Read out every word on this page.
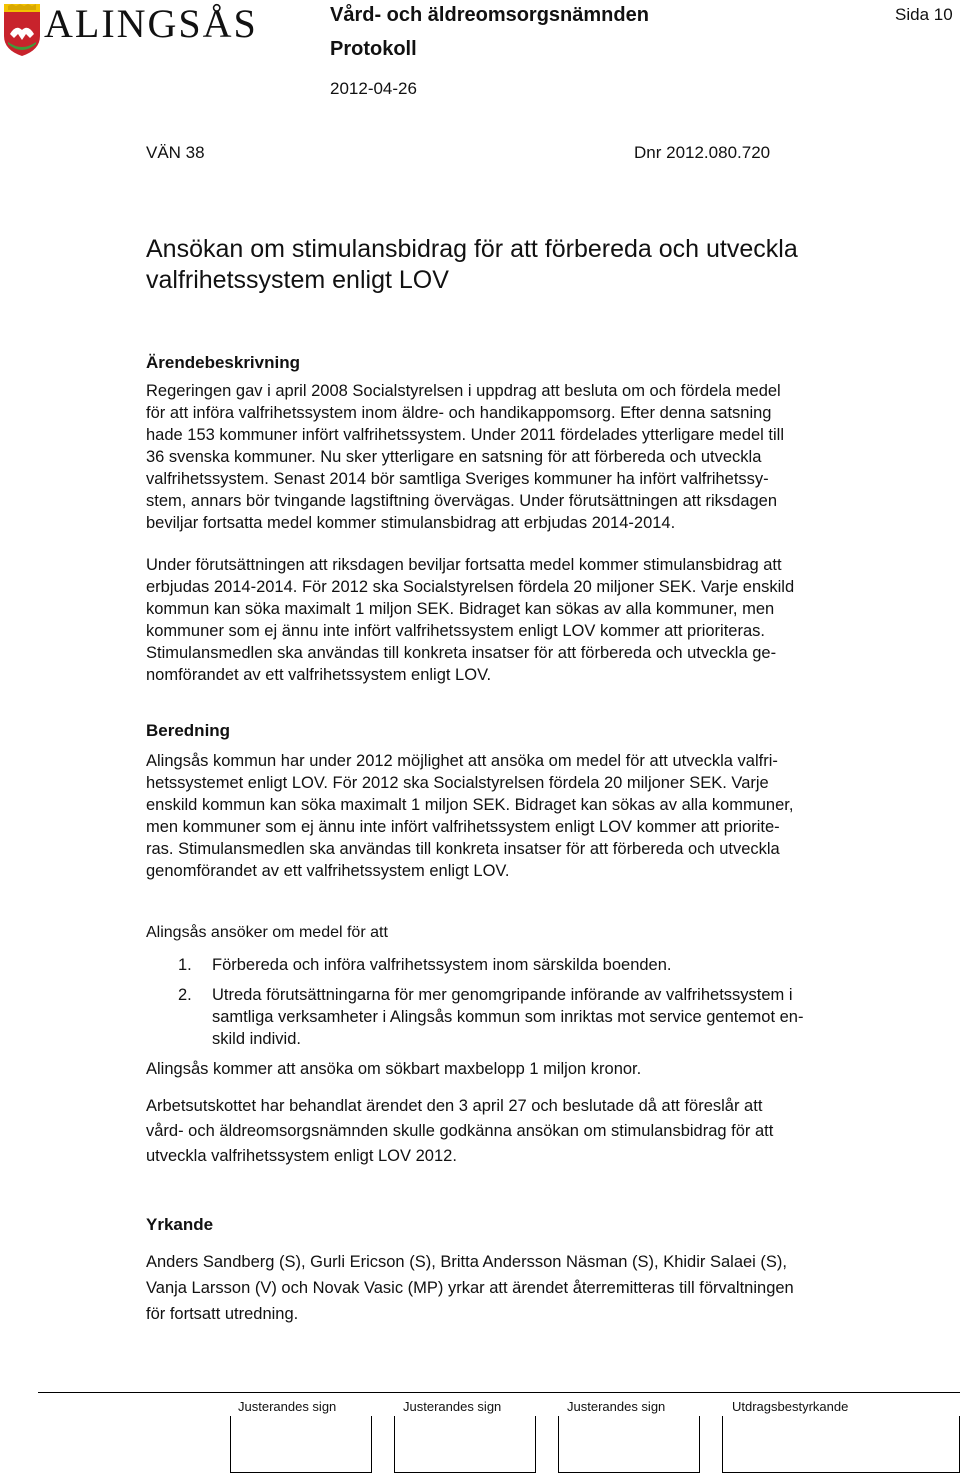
ALINGSÅS	Vård- och äldreomsorgsnämnden
Protokoll
2012-04-26
Sida 10
VÄN 38	Dnr 2012.080.720
Ansökan om stimulansbidrag för att förbereda och utveckla
valfrihetssystem enligt LOV
Ärendebeskrivning

Regeringen gav i april 2008 Socialstyrelsen i uppdrag att besluta om och fördela medel
för att införa valfrihetssystem inom äldre- och handikappomsorg. Efter denna satsning
hade 153 kommuner infört valfrihetssystem. Under 2011 fördelades ytterligare medel till
36 svenska kommuner. Nu sker ytterligare en satsning för att förbereda och utveckla
valfrihetssystem. Senast 2014 bör samtliga Sveriges kommuner ha infört valfrihetssy-
stem, annars bör tvingande lagstiftning övervägas. Under förutsättningen att riksdagen
beviljar fortsatta medel kommer stimulansbidrag att erbjudas 2014-2014.

Under förutsättningen att riksdagen beviljar fortsatta medel kommer stimulansbidrag att
erbjudas 2014-2014. För 2012 ska Socialstyrelsen fördela 20 miljoner SEK. Varje enskild
kommun kan söka maximalt 1 miljon SEK. Bidraget kan sökas av alla kommuner, men
kommuner som ej ännu inte infört valfrihetssystem enligt LOV kommer att prioriteras.
Stimulansmedlen ska användas till konkreta insatser för att förbereda och utveckla ge-
nomförandet av ett valfrihetssystem enligt LOV.

Beredning

Alingsås kommun har under 2012 möjlighet att ansöka om medel för att utveckla valfri-
hetssystemet enligt LOV. För 2012 ska Socialstyrelsen fördela 20 miljoner SEK. Varje
enskild kommun kan söka maximalt 1 miljon SEK. Bidraget kan sökas av alla kommuner,
men kommuner som ej ännu inte infört valfrihetssystem enligt LOV kommer att priorite-
ras. Stimulansmedlen ska användas till konkreta insatser för att förbereda och utveckla
genomförandet av ett valfrihetssystem enligt LOV.

Alingsås ansöker om medel för att
1. Förbereda och införa valfrihetssystem inom särskilda boenden.
2. Utreda förutsättningarna för mer genomgripande införande av valfrihetssystem i
samtliga verksamheter i Alingsås kommun som inriktas mot service gentemot en-
skild individ.
Alingsås kommer att ansöka om sökbart maxbelopp 1 miljon kronor.

Arbetsutskottet har behandlat ärendet den 3 april 27 och beslutade då att föreslår att
vård- och äldreomsorgsnämnden skulle godkänna ansökan om stimulansbidrag för att
utveckla valfrihetssystem enligt LOV 2012.

Yrkande

Anders Sandberg (S), Gurli Ericson (S), Britta Andersson Näsman (S), Khidir Salaei (S),
Vanja Larsson (V) och Novak Vasic (MP) yrkar att ärendet återremitteras till förvaltningen
för fortsatt utredning.

Justerandes sign	Justerandes sign	Justerandes sign	Utdragsbestyrkande
